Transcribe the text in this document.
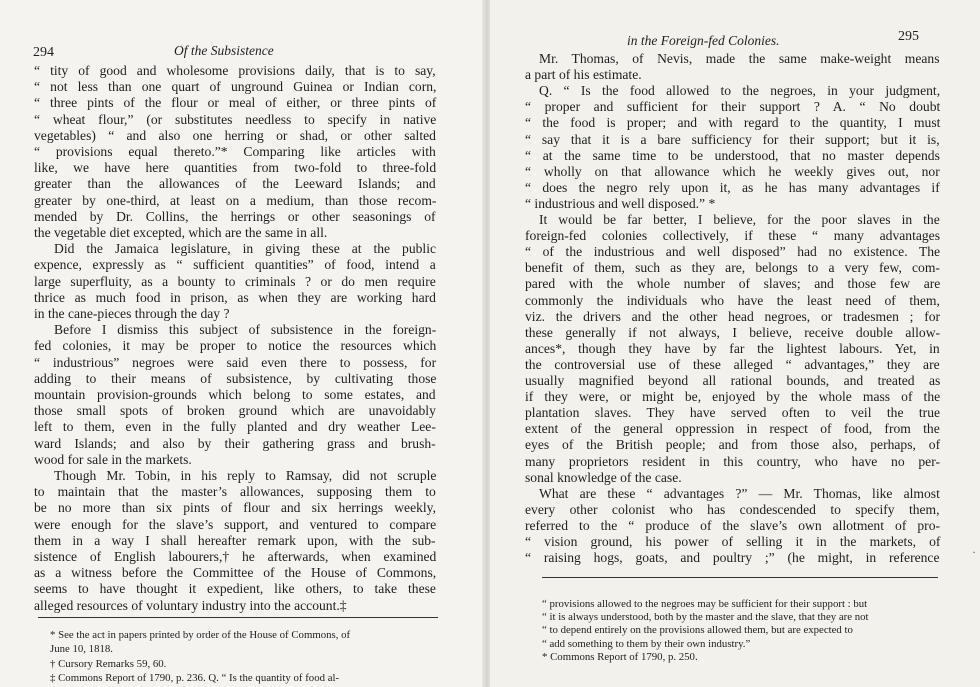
294	Of the Subsistence
“ tity of good and wholesome provisions daily, that is to say,
“ not less than one quart of unground Guinea or Indian corn,
“ three pints of the flour or meal of either, or three pints of
“ wheat flour,” (or substitutes needless to specify in native
vegetables) “ and also one herring or shad, or other salted
“ provisions equal thereto.”* Comparing like articles with
like, we have here quantities from two-fold to three-fold
greater than the allowances of the Leeward Islands; and
greater by one-third, at least on a medium, than those recom-
mended by Dr. Collins, the herrings or other seasonings of
the vegetable diet excepted, which are the same in all.
Did the Jamaica legislature, in giving these at the public
expence, expressly as “ sufficient quantities” of food, intend a
large superfluity, as a bounty to criminals ? or do men require
thrice as much food in prison, as when they are working hard
in the cane-pieces through the day ?
Before I dismiss this subject of subsistence in the foreign-
fed colonies, it may be proper to notice the resources which
“ industrious” negroes were said even there to possess, for
adding to their means of subsistence, by cultivating those
mountain provision-grounds which belong to some estates, and
those small spots of broken ground which are unavoidably
left to them, even in the fully planted and dry weather Lee-
ward Islands; and also by their gathering grass and brush-
wood for sale in the markets.
Though Mr. Tobin, in his reply to Ramsay, did not scruple
to maintain that the master’s allowances, supposing them to
be no more than six pints of flour and six herrings weekly,
were enough for the slave’s support, and ventured to compare
them in a way I shall hereafter remark upon, with the sub-
sistence of English labourers,† he afterwards, when examined
as a witness before the Committee of the House of Commons,
seems to have thought it expedient, like others, to take these
alleged resources of voluntary industry into the account.‡
* See the act in papers printed by order of the House of Commons, of
June 10, 1818.
† Cursory Remarks 59, 60.
‡ Commons Report of 1790, p. 236. Q. “ Is the quantity of food al-
295
in the Foreign-fed Colonies.
Mr. Thomas, of Nevis, made the same make-weight means
a part of his estimate.
Q. “ Is the food allowed to the negroes, in your judgment,
“ proper and sufficient for their support ? A. “ No doubt
“ the food is proper; and with regard to the quantity, I must
“ say that it is a bare sufficiency for their support; but it is,
“ at the same time to be understood, that no master depends
“ wholly on that allowance which he weekly gives out, nor
“ does the negro rely upon it, as he has many advantages if
“ industrious and well disposed.” *
It would be far better, I believe, for the poor slaves in the
foreign-fed colonies collectively, if these “ many advantages
“ of the industrious and well disposed” had no existence. The
benefit of them, such as they are, belongs to a very few, com-
pared with the whole number of slaves; and those few are
commonly the individuals who have the least need of them,
viz. the drivers and the other head negroes, or tradesmen ; for
these generally if not always, I believe, receive double allow-
ances*, though they have by far the lightest labours. Yet, in
the controversial use of these alleged “ advantages,” they are
usually magnified beyond all rational bounds, and treated as
if they were, or might be, enjoyed by the whole mass of the
plantation slaves. They have served often to veil the true
extent of the general oppression in respect of food, from the
eyes of the British people; and from those also, perhaps, of
many proprietors resident in this country, who have no per-
sonal knowledge of the case.
What are these “ advantages ?” — Mr. Thomas, like almost
every other colonist who has condescended to specify them,
referred to the “ produce of the slave’s own allotment of pro-
“ vision ground, his power of selling it in the markets, of
“ raising hogs, goats, and poultry ;” (he might, in reference
“ provisions allowed to the negroes may be sufficient for their support : but
“ it is always understood, both by the master and the slave, that they are not
“ to depend entirely on the provisions allowed them, but are expected to
“ add something to them by their own industry.”
* Commons Report of 1790, p. 250.
·
